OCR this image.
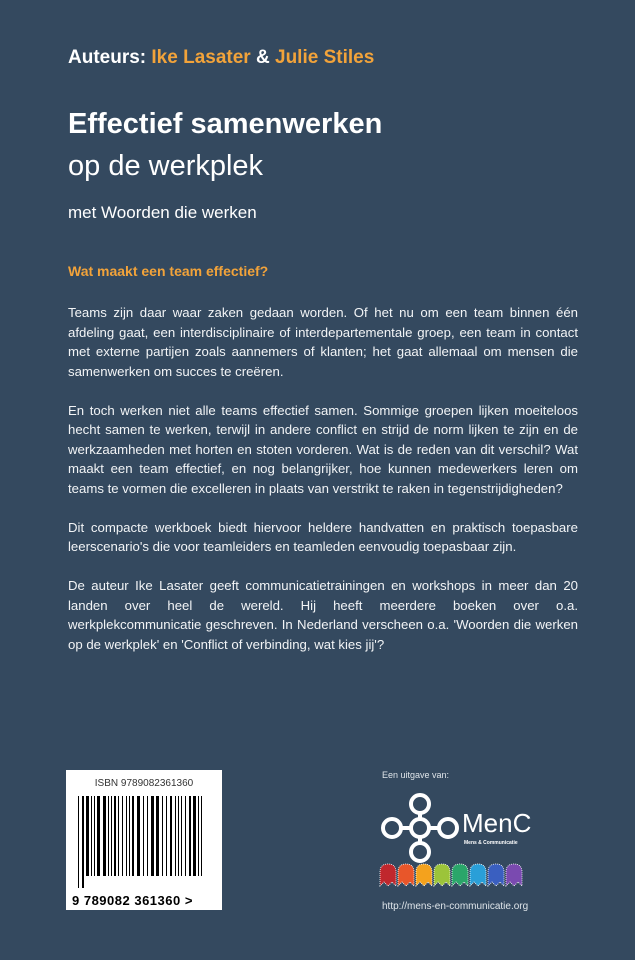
Auteurs: Ike Lasater & Julie Stiles
Effectief samenwerken
op de werkplek
met Woorden die werken
Wat maakt een team effectief?

Teams zijn daar waar zaken gedaan worden. Of het nu om een team binnen één afdeling gaat, een interdisciplinaire of interdepartementale groep, een team in contact met externe partijen zoals aannemers of klanten; het gaat allemaal om mensen die samenwerken om succes te creëren.

En toch werken niet alle teams effectief samen. Sommige groepen lijken moeiteloos hecht samen te werken, terwijl in andere conflict en strijd de norm lijken te zijn en de werkzaamheden met horten en stoten vorderen. Wat is de reden van dit verschil? Wat maakt een team effectief, en nog belangrijker, hoe kunnen medewerkers leren om teams te vormen die excelleren in plaats van verstrikt te raken in tegenstrijdigheden?

Dit compacte werkboek biedt hiervoor heldere handvatten en praktisch toepasbare leerscenario's die voor teamleiders en teamleden eenvoudig toepasbaar zijn.

De auteur Ike Lasater geeft communicatietrainingen en workshops in meer dan 20 landen over heel de wereld. Hij heeft meerdere boeken over o.a. werkplekcommunicatie geschreven. In Nederland verscheen o.a. 'Woorden die werken op de werkplek' en 'Conflict of verbinding, wat kies jij'?

ISBN 9789082361360
9 789082 361360 >
Een uitgave van:
MenC
Mens & Communicatie
http://mens-en-communicatie.org
